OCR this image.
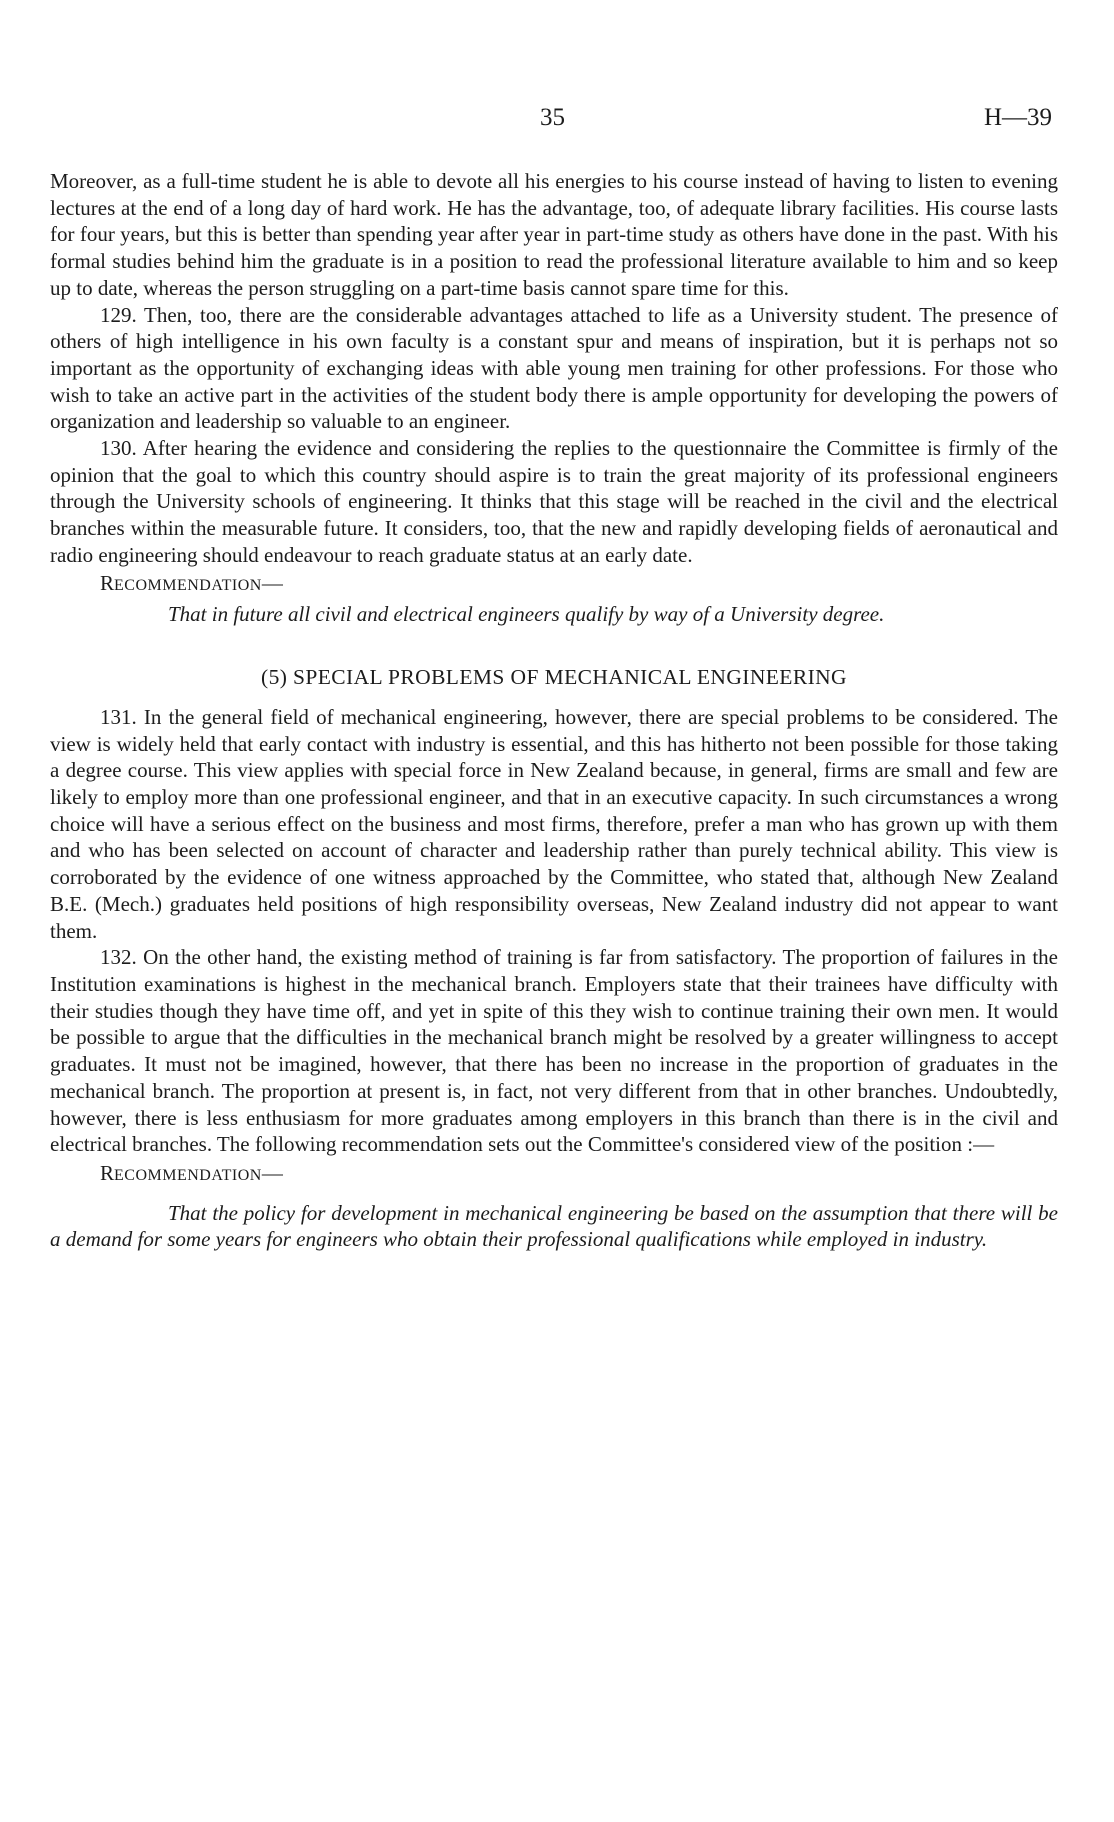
35	H—39

Moreover, as a full-time student he is able to devote all his energies to his course instead of having to listen to evening lectures at the end of a long day of hard work. He has the advantage, too, of adequate library facilities. His course lasts for four years, but this is better than spending year after year in part-time study as others have done in the past. With his formal studies behind him the graduate is in a position to read the professional literature available to him and so keep up to date, whereas the person struggling on a part-time basis cannot spare time for this.

129. Then, too, there are the considerable advantages attached to life as a University student. The presence of others of high intelligence in his own faculty is a constant spur and means of inspiration, but it is perhaps not so important as the opportunity of exchanging ideas with able young men training for other professions. For those who wish to take an active part in the activities of the student body there is ample opportunity for developing the powers of organization and leadership so valuable to an engineer.

130. After hearing the evidence and considering the replies to the questionnaire the Committee is firmly of the opinion that the goal to which this country should aspire is to train the great majority of its professional engineers through the University schools of engineering. It thinks that this stage will be reached in the civil and the electrical branches within the measurable future. It considers, too, that the new and rapidly developing fields of aeronautical and radio engineering should endeavour to reach graduate status at an early date.

RECOMMENDATION—

That in future all civil and electrical engineers qualify by way of a University degree.

(5) SPECIAL PROBLEMS OF MECHANICAL ENGINEERING

131. In the general field of mechanical engineering, however, there are special problems to be considered. The view is widely held that early contact with industry is essential, and this has hitherto not been possible for those taking a degree course. This view applies with special force in New Zealand because, in general, firms are small and few are likely to employ more than one professional engineer, and that in an executive capacity. In such circumstances a wrong choice will have a serious effect on the business and most firms, therefore, prefer a man who has grown up with them and who has been selected on account of character and leadership rather than purely technical ability. This view is corroborated by the evidence of one witness approached by the Committee, who stated that, although New Zealand B.E. (Mech.) graduates held positions of high responsibility overseas, New Zealand industry did not appear to want them.

132. On the other hand, the existing method of training is far from satisfactory. The proportion of failures in the Institution examinations is highest in the mechanical branch. Employers state that their trainees have difficulty with their studies though they have time off, and yet in spite of this they wish to continue training their own men. It would be possible to argue that the difficulties in the mechanical branch might be resolved by a greater willingness to accept graduates. It must not be imagined, however, that there has been no increase in the proportion of graduates in the mechanical branch. The proportion at present is, in fact, not very different from that in other branches. Undoubtedly, however, there is less enthusiasm for more graduates among employers in this branch than there is in the civil and electrical branches. The following recommendation sets out the Committee's considered view of the position :—

RECOMMENDATION—

That the policy for development in mechanical engineering be based on the assumption that there will be a demand for some years for engineers who obtain their professional qualifications while employed in industry.
